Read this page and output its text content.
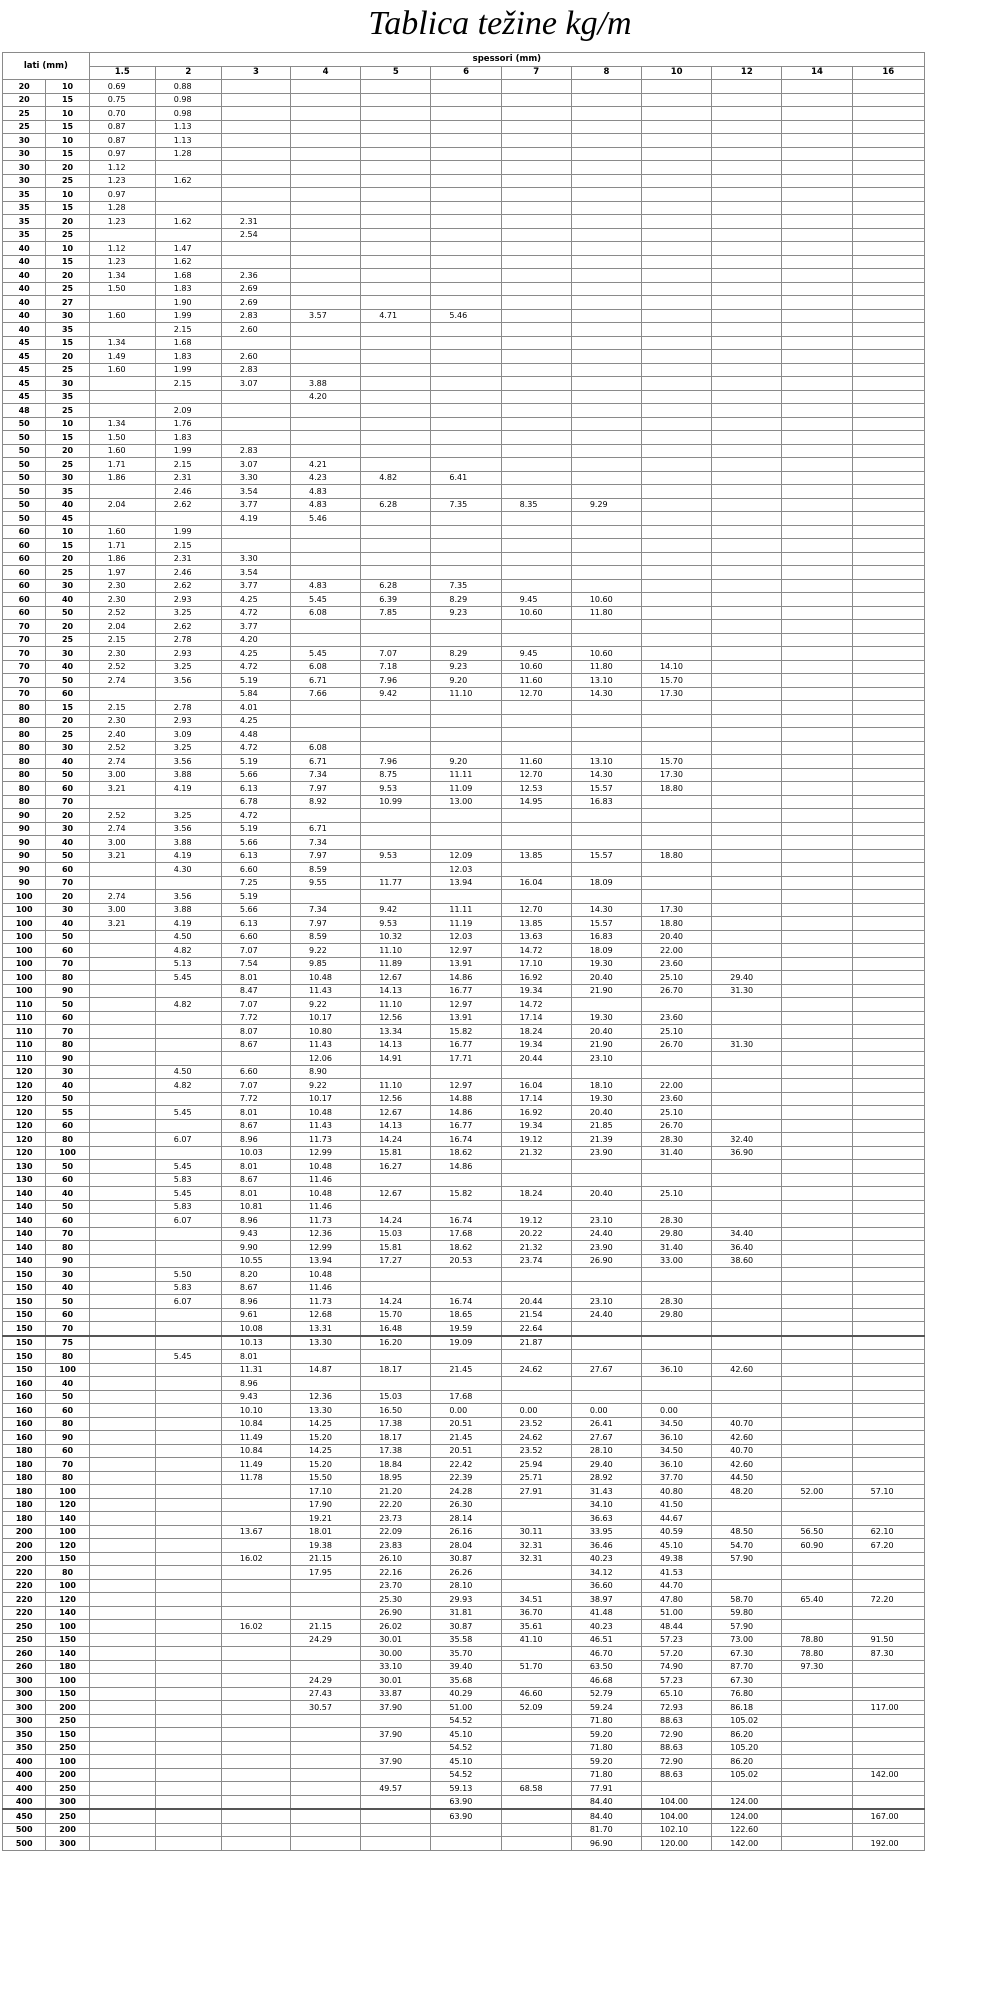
Tablica težine kg/m
lati (mm)		spessori (mm)											
		1.5	2	3	4	5	6	7	8	10	12	14	16
20	10	0.69	0.88										
20	15	0.75	0.98										
25	10	0.70	0.98										
25	15	0.87	1.13										
30	10	0.87	1.13										
30	15	0.97	1.28										
30	20	1.12											
30	25	1.23	1.62										
35	10	0.97											
35	15	1.28											
35	20	1.23	1.62	2.31									
35	25			2.54									
40	10	1.12	1.47										
40	15	1.23	1.62										
40	20	1.34	1.68	2.36									
40	25	1.50	1.83	2.69									
40	27		1.90	2.69									
40	30	1.60	1.99	2.83	3.57	4.71	5.46						
40	35		2.15	2.60									
45	15	1.34	1.68										
45	20	1.49	1.83	2.60									
45	25	1.60	1.99	2.83									
45	30		2.15	3.07	3.88								
45	35				4.20								
48	25		2.09										
50	10	1.34	1.76										
50	15	1.50	1.83										
50	20	1.60	1.99	2.83									
50	25	1.71	2.15	3.07	4.21								
50	30	1.86	2.31	3.30	4.23	4.82	6.41						
50	35		2.46	3.54	4.83								
50	40	2.04	2.62	3.77	4.83	6.28	7.35	8.35	9.29				
50	45			4.19	5.46								
60	10	1.60	1.99										
60	15	1.71	2.15										
60	20	1.86	2.31	3.30									
60	25	1.97	2.46	3.54									
60	30	2.30	2.62	3.77	4.83	6.28	7.35						
60	40	2.30	2.93	4.25	5.45	6.39	8.29	9.45	10.60				
60	50	2.52	3.25	4.72	6.08	7.85	9.23	10.60	11.80				
70	20	2.04	2.62	3.77									
70	25	2.15	2.78	4.20									
70	30	2.30	2.93	4.25	5.45	7.07	8.29	9.45	10.60				
70	40	2.52	3.25	4.72	6.08	7.18	9.23	10.60	11.80	14.10			
70	50	2.74	3.56	5.19	6.71	7.96	9.20	11.60	13.10	15.70			
70	60			5.84	7.66	9.42	11.10	12.70	14.30	17.30			
80	15	2.15	2.78	4.01									
80	20	2.30	2.93	4.25									
80	25	2.40	3.09	4.48									
80	30	2.52	3.25	4.72	6.08								
80	40	2.74	3.56	5.19	6.71	7.96	9.20	11.60	13.10	15.70			
80	50	3.00	3.88	5.66	7.34	8.75	11.11	12.70	14.30	17.30			
80	60	3.21	4.19	6.13	7.97	9.53	11.09	12.53	15.57	18.80			
80	70			6.78	8.92	10.99	13.00	14.95	16.83				
90	20	2.52	3.25	4.72									
90	30	2.74	3.56	5.19	6.71								
90	40	3.00	3.88	5.66	7.34								
90	50	3.21	4.19	6.13	7.97	9.53	12.09	13.85	15.57	18.80			
90	60		4.30	6.60	8.59		12.03						
90	70			7.25	9.55	11.77	13.94	16.04	18.09				
100	20	2.74	3.56	5.19									
100	30	3.00	3.88	5.66	7.34	9.42	11.11	12.70	14.30	17.30			
100	40	3.21	4.19	6.13	7.97	9.53	11.19	13.85	15.57	18.80			
100	50		4.50	6.60	8.59	10.32	12.03	13.63	16.83	20.40			
100	60		4.82	7.07	9.22	11.10	12.97	14.72	18.09	22.00			
100	70		5.13	7.54	9.85	11.89	13.91	17.10	19.30	23.60			
100	80		5.45	8.01	10.48	12.67	14.86	16.92	20.40	25.10	29.40		
100	90			8.47	11.43	14.13	16.77	19.34	21.90	26.70	31.30		
110	50		4.82	7.07	9.22	11.10	12.97	14.72					
110	60			7.72	10.17	12.56	13.91	17.14	19.30	23.60			
110	70			8.07	10.80	13.34	15.82	18.24	20.40	25.10			
110	80			8.67	11.43	14.13	16.77	19.34	21.90	26.70	31.30		
110	90				12.06	14.91	17.71	20.44	23.10				
120	30		4.50	6.60	8.90								
120	40		4.82	7.07	9.22	11.10	12.97	16.04	18.10	22.00			
120	50			7.72	10.17	12.56	14.88	17.14	19.30	23.60			
120	55		5.45	8.01	10.48	12.67	14.86	16.92	20.40	25.10			
120	60			8.67	11.43	14.13	16.77	19.34	21.85	26.70			
120	80		6.07	8.96	11.73	14.24	16.74	19.12	21.39	28.30	32.40		
120	100			10.03	12.99	15.81	18.62	21.32	23.90	31.40	36.90		
130	50		5.45	8.01	10.48	16.27	14.86						
130	60		5.83	8.67	11.46								
140	40		5.45	8.01	10.48	12.67	15.82	18.24	20.40	25.10			
140	50		5.83	10.81	11.46								
140	60		6.07	8.96	11.73	14.24	16.74	19.12	23.10	28.30			
140	70			9.43	12.36	15.03	17.68	20.22	24.40	29.80	34.40		
140	80			9.90	12.99	15.81	18.62	21.32	23.90	31.40	36.40		
140	90			10.55	13.94	17.27	20.53	23.74	26.90	33.00	38.60		
150	30		5.50	8.20	10.48								
150	40		5.83	8.67	11.46								
150	50		6.07	8.96	11.73	14.24	16.74	20.44	23.10	28.30			
150	60			9.61	12.68	15.70	18.65	21.54	24.40	29.80			
150	70			10.08	13.31	16.48	19.59	22.64					
150	75			10.13	13.30	16.20	19.09	21.87					
150	80		5.45	8.01									
150	100			11.31	14.87	18.17	21.45	24.62	27.67	36.10	42.60		
160	40			8.96									
160	50			9.43	12.36	15.03	17.68						
160	60			10.10	13.30	16.50	0.00	0.00	0.00	0.00			
160	80			10.84	14.25	17.38	20.51	23.52	26.41	34.50	40.70		
160	90			11.49	15.20	18.17	21.45	24.62	27.67	36.10	42.60		
180	60			10.84	14.25	17.38	20.51	23.52	28.10	34.50	40.70		
180	70			11.49	15.20	18.84	22.42	25.94	29.40	36.10	42.60		
180	80			11.78	15.50	18.95	22.39	25.71	28.92	37.70	44.50		
180	100				17.10	21.20	24.28	27.91	31.43	40.80	48.20	52.00	57.10
180	120				17.90	22.20	26.30		34.10	41.50			
180	140				19.21	23.73	28.14		36.63	44.67			
200	100			13.67	18.01	22.09	26.16	30.11	33.95	40.59	48.50	56.50	62.10
200	120				19.38	23.83	28.04	32.31	36.46	45.10	54.70	60.90	67.20
200	150			16.02	21.15	26.10	30.87	32.31	40.23	49.38	57.90		
220	80				17.95	22.16	26.26		34.12	41.53			
220	100					23.70	28.10		36.60	44.70			
220	120					25.30	29.93	34.51	38.97	47.80	58.70	65.40	72.20
220	140					26.90	31.81	36.70	41.48	51.00	59.80		
250	100			16.02	21.15	26.02	30.87	35.61	40.23	48.44	57.90		
250	150				24.29	30.01	35.58	41.10	46.51	57.23	73.00	78.80	91.50
260	140					30.00	35.70		46.70	57.20	67.30	78.80	87.30
260	180					33.10	39.40	51.70	63.50	74.90	87.70	97.30	
300	100				24.29	30.01	35.68		46.68	57.23	67.30		
300	150				27.43	33.87	40.29	46.60	52.79	65.10	76.80		
300	200				30.57	37.90	51.00	52.09	59.24	72.93	86.18		117.00
300	250						54.52		71.80	88.63	105.02		
350	150					37.90	45.10		59.20	72.90	86.20		
350	250						54.52		71.80	88.63	105.20		
400	100					37.90	45.10		59.20	72.90	86.20		
400	200						54.52		71.80	88.63	105.02		142.00
400	250					49.57	59.13	68.58	77.91				
400	300						63.90		84.40	104.00	124.00		
450	250						63.90		84.40	104.00	124.00		167.00
500	200								81.70	102.10	122.60		
500	300								96.90	120.00	142.00		192.00
